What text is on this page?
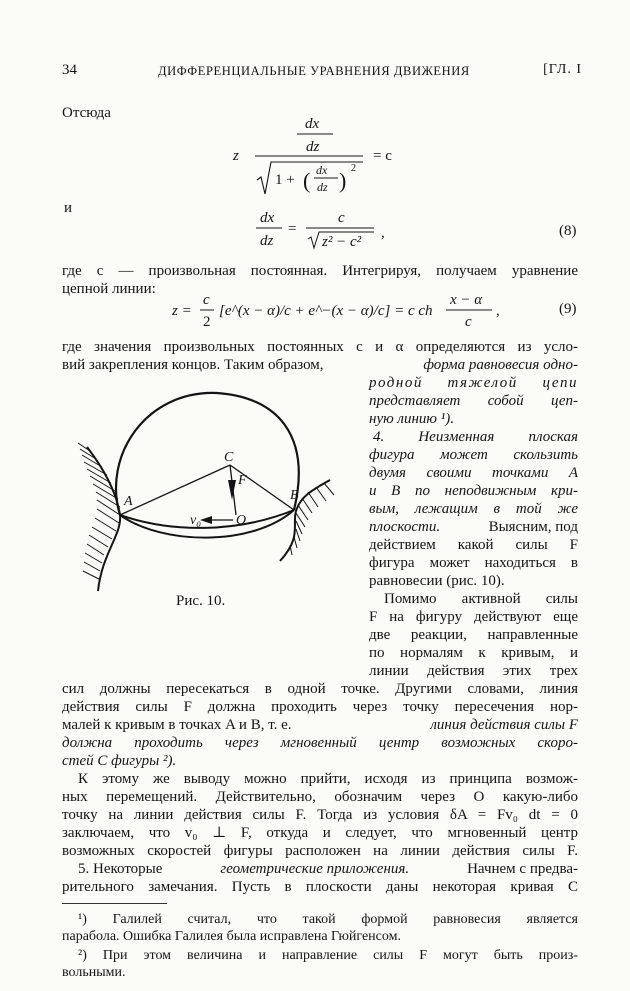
34	ДИФФЕРЕНЦИАЛЬНЫЕ УРАВНЕНИЯ ДВИЖЕНИЯ	[ГЛ. I
Отсюда
z
dx
dz
1 + ( dx
dz ) 2
= c
и
dx
dz
=
c
z² − c²
,	(8)
где c — произвольная постоянная. Интегрируя, получаем уравнение
цепной линии:
z =
c
2
[e^(x − α)/c + e^−(x − α)/c] = c ch
x − α
c
,	(9)
где значения произвольных постоянных c и α определяются из усло-
вий закрепления концов. Таким образом,	форма равновесия одно-
родной тяжелой цепи
представляет собой цеп-
ную линию ¹).
4. Неизменная плоская
фигура может скользить
двумя своими точками A
и B по неподвижным кри-
вым, лежащим в той же
плоскости.	Выясним, под
действием какой силы F
фигура может находиться в
равновесии (рис. 10).
Помимо активной силы
F на фигуру действуют еще
две реакции, направленные
по нормалям к кривым, и
линии действия этих трех
A	B
C
F
O
v₀
Рис. 10.
сил должны пересекаться в одной точке. Другими словами, линия
действия силы F должна проходить через точку пересечения нор-
малей к кривым в точках A и B, т. е.	линия действия силы F
должна проходить через мгновенный центр возможных скоро-
стей C фигуры ²).
К этому же выводу можно прийти, исходя из принципа возмож-
ных перемещений. Действительно, обозначим через O какую-либо
точку на линии действия силы F. Тогда из условия δA = Fv₀ dt = 0
заключаем, что v₀ ⊥ F, откуда и следует, что мгновенный центр
возможных скоростей фигуры расположен на линии действия силы F.
5. Некоторые	геометрические приложения.	Начнем с предва-
рительного замечания. Пусть в плоскости даны некоторая кривая C
¹) Галилей считал, что такой формой равновесия является
парабола. Ошибка Галилея была исправлена Гюйгенсом.
²) При этом величина и направление силы F могут быть произ-
вольными.
